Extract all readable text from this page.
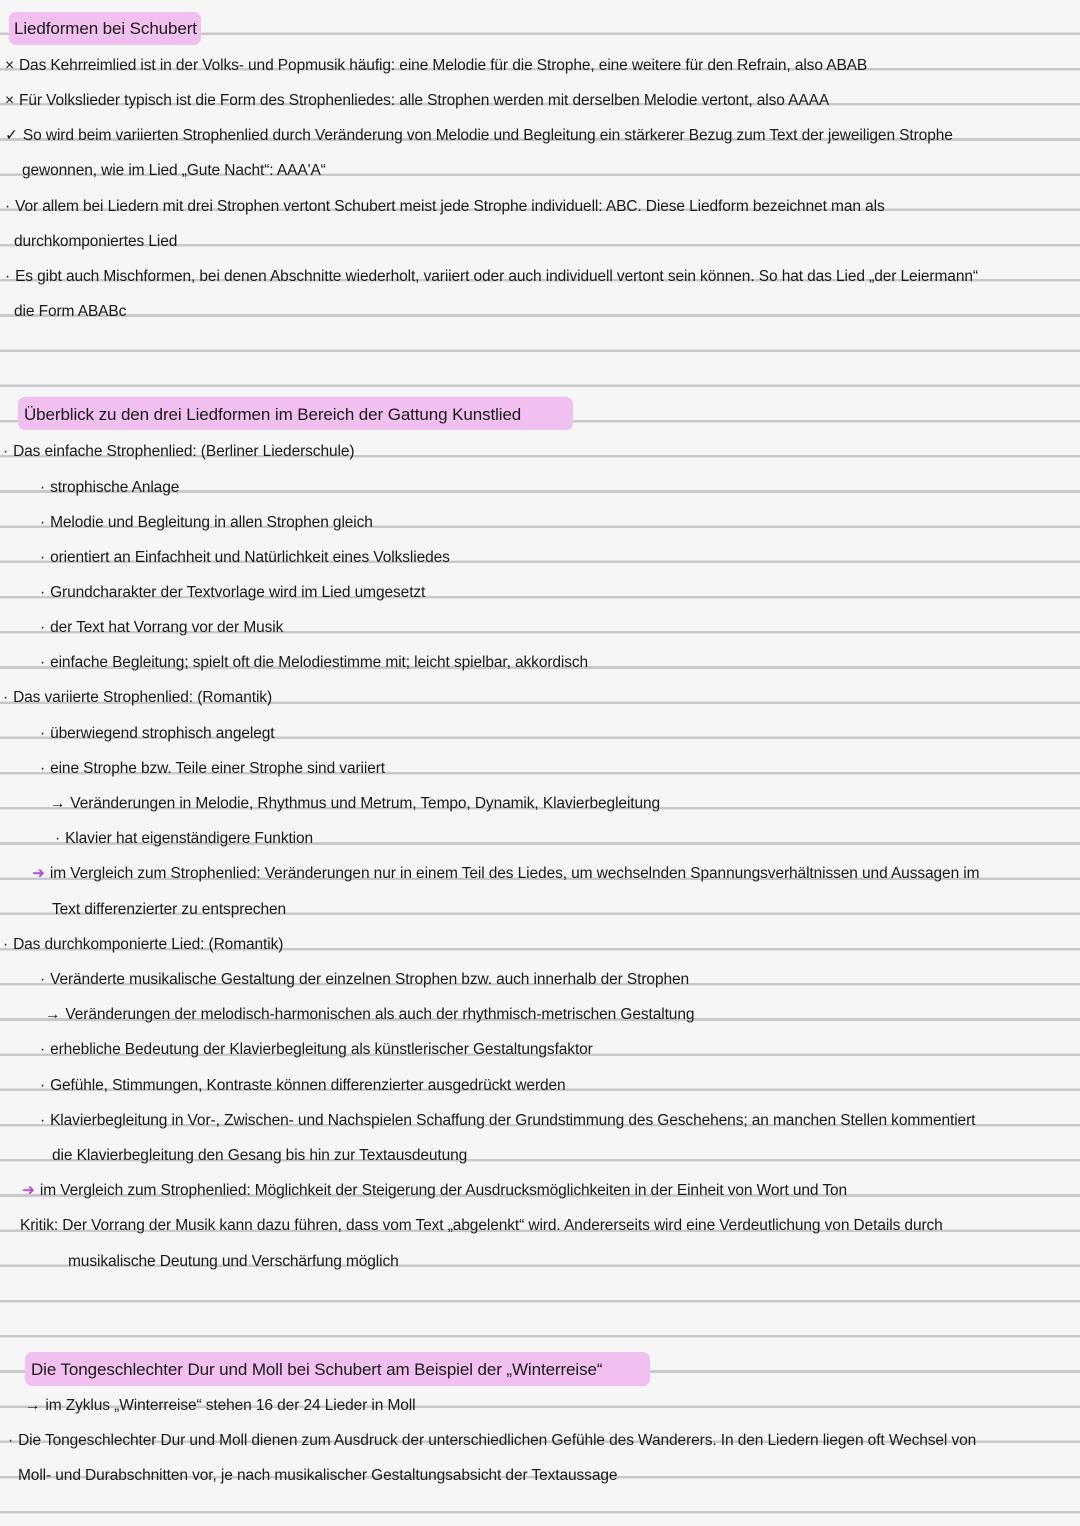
Liedformen bei Schubert
× Das Kehrreimlied ist in der Volks- und Popmusik häufig: eine Melodie für die Strophe, eine weitere für den Refrain, also ABAB
× Für Volkslieder typisch ist die Form des Strophenliedes: alle Strophen werden mit derselben Melodie vertont, also AAAA
✓ So wird beim variierten Strophenlied durch Veränderung von Melodie und Begleitung ein stärkerer Bezug zum Text der jeweiligen Strophe
gewonnen, wie im Lied „Gute Nacht“: AAA'A“
· Vor allem bei Liedern mit drei Strophen vertont Schubert meist jede Strophe individuell: ABC. Diese Liedform bezeichnet man als
durchkomponiertes Lied
· Es gibt auch Mischformen, bei denen Abschnitte wiederholt, variiert oder auch individuell vertont sein können. So hat das Lied „der Leiermann“
die Form ABABc
Überblick zu den drei Liedformen im Bereich der Gattung Kunstlied
· Das einfache Strophenlied: (Berliner Liederschule)
· strophische Anlage
· Melodie und Begleitung in allen Strophen gleich
· orientiert an Einfachheit und Natürlichkeit eines Volksliedes
· Grundcharakter der Textvorlage wird im Lied umgesetzt
· der Text hat Vorrang vor der Musik
· einfache Begleitung; spielt oft die Melodiestimme mit; leicht spielbar, akkordisch
· Das variierte Strophenlied: (Romantik)
· überwiegend strophisch angelegt
· eine Strophe bzw. Teile einer Strophe sind variiert
→ Veränderungen in Melodie, Rhythmus und Metrum, Tempo, Dynamik, Klavierbegleitung
· Klavier hat eigenständigere Funktion
➜ im Vergleich zum Strophenlied: Veränderungen nur in einem Teil des Liedes, um wechselnden Spannungsverhältnissen und Aussagen im
Text differenzierter zu entsprechen
· Das durchkomponierte Lied: (Romantik)
· Veränderte musikalische Gestaltung der einzelnen Strophen bzw. auch innerhalb der Strophen
→ Veränderungen der melodisch-harmonischen als auch der rhythmisch-metrischen Gestaltung
· erhebliche Bedeutung der Klavierbegleitung als künstlerischer Gestaltungsfaktor
· Gefühle, Stimmungen, Kontraste können differenzierter ausgedrückt werden
· Klavierbegleitung in Vor-, Zwischen- und Nachspielen Schaffung der Grundstimmung des Geschehens; an manchen Stellen kommentiert
die Klavierbegleitung den Gesang bis hin zur Textausdeutung
➜ im Vergleich zum Strophenlied: Möglichkeit der Steigerung der Ausdrucksmöglichkeiten in der Einheit von Wort und Ton
Kritik: Der Vorrang der Musik kann dazu führen, dass vom Text „abgelenkt“ wird. Andererseits wird eine Verdeutlichung von Details durch
musikalische Deutung und Verschärfung möglich
Die Tongeschlechter Dur und Moll bei Schubert am Beispiel der „Winterreise“
→ im Zyklus „Winterreise“ stehen 16 der 24 Lieder in Moll
· Die Tongeschlechter Dur und Moll dienen zum Ausdruck der unterschiedlichen Gefühle des Wanderers. In den Liedern liegen oft Wechsel von
Moll- und Durabschnitten vor, je nach musikalischer Gestaltungsabsicht der Textaussage
